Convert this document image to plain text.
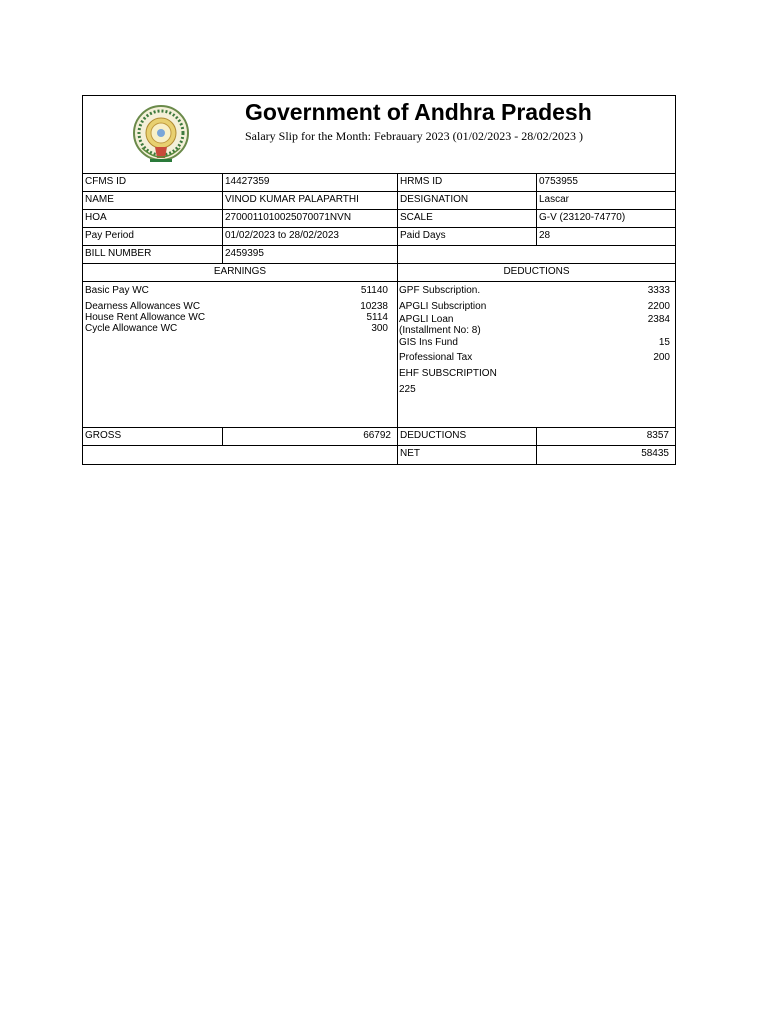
Government of Andhra Pradesh
Salary Slip for the Month: Febrauary 2023 (01/02/2023 - 28/02/2023 )
CFMS ID	14427359	HRMS ID	0753955
NAME	VINOD KUMAR PALAPARTHI	DESIGNATION	Lascar
HOA	2700011010025070071NVN	SCALE	G-V (23120-74770)
Pay Period	01/02/2023 to 28/02/2023	Paid Days	28
BILL NUMBER	2459395
EARNINGS	DEDUCTIONS
Basic Pay WC	51140
Dearness Allowances WC	10238
House Rent Allowance WC	5114
Cycle Allowance WC	300
GPF Subscription.	3333
APGLI Subscription	2200
APGLI Loan	2384
(Installment No: 8)
GIS Ins Fund	15
Professional Tax	200
EHF SUBSCRIPTION
225
GROSS	66792 DEDUCTIONS	8357
NET	58435
